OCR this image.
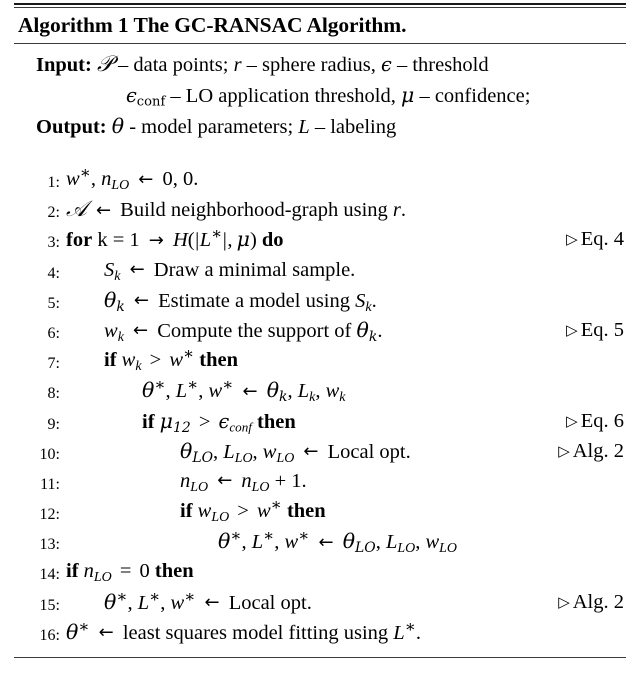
Algorithm 1 The GC-RANSAC Algorithm.
Input: 𝒫 – data points; r – sphere radius, ϵ – threshold
$\epsilon_{conf}$ – LO application threshold, μ – confidence;
Output: θ - model parameters; L – labeling
1: w∗, $n_{LO}$ ← 0, 0.
2: 𝒜 ← Build neighborhood-graph using r.
3: for k = 1 → H(|L∗|, μ) do	▷ Eq. 4
4: $S_k$ ← Draw a minimal sample.
5: $\theta_k$ ← Estimate a model using $S_k$.
6: $w_k$ ← Compute the support of $\theta_k$.	▷ Eq. 5
7: if $w_k > w^∗$ then
8:	θ∗, L∗, w∗ ← $\theta_k$, $L_k$, $w_k$
9:	if $\mu_{12} > \epsilon_{conf}$ then	▷ Eq. 6
10:	$\theta_{LO}$, $L_{LO}$, $w_{LO}$ ← Local opt.	▷ Alg. 2
11:	$n_{LO}$ ← $n_{LO} + 1$.
12:	if $w_{LO} > w^∗$ then
13:	θ∗, L∗, w∗ ← $\theta_{LO}$, $L_{LO}$, $w_{LO}$
14: if $n_{LO} = 0$ then
15: θ∗, L∗, w∗ ← Local opt.	▷ Alg. 2
16: θ∗ ← least squares model fitting using L∗.
